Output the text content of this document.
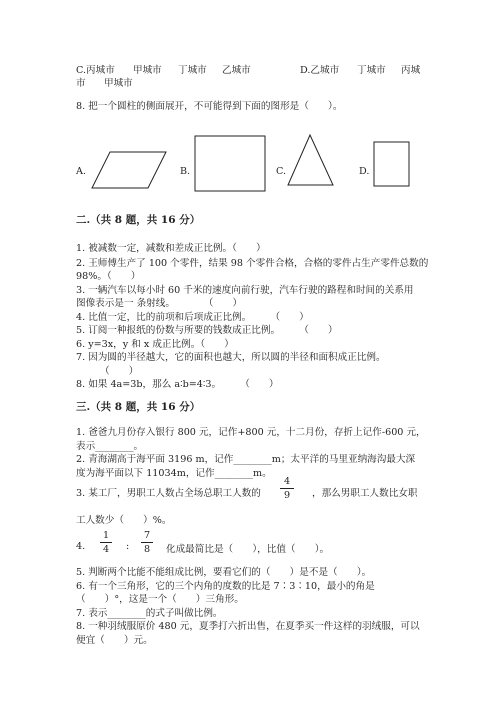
C.丙城市 甲城市 丁城市 乙城市	D.乙城市 丁城市 丙城
市 甲城市
8. 把一个圆柱的侧面展开，不可能得到下面的图形是（　　）。
A.	B.	C.	D.
二.（共 8 题，共 16 分）
1. 被减数一定，减数和差成正比例。（　　）
2. 王师傅生产了 100 个零件，结果 98 个零件合格，合格的零件占生产零件总数的
98%。（　　）
3. 一辆汽车以每小时 60 千米的速度向前行驶，汽车行驶的路程和时间的关系用
图像表示是一 条射线。　　　　（　　）
4. 比值一定，比的前项和后项成正比例。　　　（　　）
5. 订阅一种报纸的份数与所要的钱数成正比例。　　　（　　）
6. y=3x，y 和 x 成正比例。（　　）
7. 因为圆的半径越大，它的面积也越大，所以圆的半径和面积成正比例。
（　　）
8. 如果 4a=3b，那么 a∶b=4∶3。　　　（　　）
三.（共 8 题，共 16 分）
1. 爸爸九月份存入银行 800 元，记作+800 元，十二月份，存折上记作-600 元，
表示________。
2. 青海湖高于海平面 3196 m，记作________m；太平洋的马里亚纳海沟最大深
度为海平面以下 11034m，记作________m。
3. 某工厂，男职工人数占全场总职工人数的
4
9	，那么男职工人数比女职
工人数少（　　）%。
4.
1
4	:
7
8	化成最简比是（　　），比值（　　）。
5. 判断两个比能不能组成比例，要看它们的（　　）是不是（　　）。
6. 有一个三角形，它的三个内角的度数的比是 7∶3∶10，最小的角是
（　　）°，这是一个（　　）三角形。
7. 表示________的式子叫做比例。
8. 一种羽绒服原价 480 元，夏季打六折出售，在夏季买一件这样的羽绒服，可以
便宜（　　）元。
